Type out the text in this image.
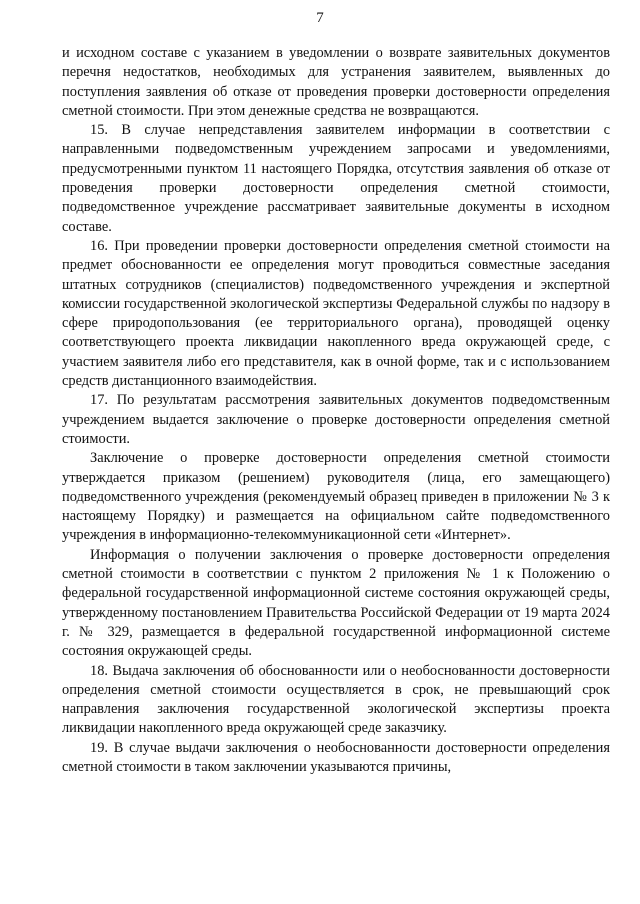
7

и исходном составе с указанием в уведомлении о возврате заявительных документов перечня недостатков, необходимых для устранения заявителем, выявленных до поступления заявления об отказе от проведения проверки достоверности определения сметной стоимости. При этом денежные средства не возвращаются.

15. В случае непредставления заявителем информации в соответствии с направленными подведомственным учреждением запросами и уведомлениями, предусмотренными пунктом 11 настоящего Порядка, отсутствия заявления об отказе от проведения проверки достоверности определения сметной стоимости, подведомственное учреждение рассматривает заявительные документы в исходном составе.

16. При проведении проверки достоверности определения сметной стоимости на предмет обоснованности ее определения могут проводиться совместные заседания штатных сотрудников (специалистов) подведомственного учреждения и экспертной комиссии государственной экологической экспертизы Федеральной службы по надзору в сфере природопользования (ее территориального органа), проводящей оценку соответствующего проекта ликвидации накопленного вреда окружающей среде, с участием заявителя либо его представителя, как в очной форме, так и с использованием средств дистанционного взаимодействия.

17. По результатам рассмотрения заявительных документов подведомственным учреждением выдается заключение о проверке достоверности определения сметной стоимости.

Заключение о проверке достоверности определения сметной стоимости утверждается приказом (решением) руководителя (лица, его замещающего) подведомственного учреждения (рекомендуемый образец приведен в приложении № 3 к настоящему Порядку) и размещается на официальном сайте подведомственного учреждения в информационно-телекоммуникационной сети «Интернет».

Информация о получении заключения о проверке достоверности определения сметной стоимости в соответствии с пунктом 2 приложения № 1 к Положению о федеральной государственной информационной системе состояния окружающей среды, утвержденному постановлением Правительства Российской Федерации от 19 марта 2024 г. № 329, размещается в федеральной государственной информационной системе состояния окружающей среды.

18. Выдача заключения об обоснованности или о необоснованности достоверности определения сметной стоимости осуществляется в срок, не превышающий срок направления заключения государственной экологической экспертизы проекта ликвидации накопленного вреда окружающей среде заказчику.

19. В случае выдачи заключения о необоснованности достоверности определения сметной стоимости в таком заключении указываются причины,
